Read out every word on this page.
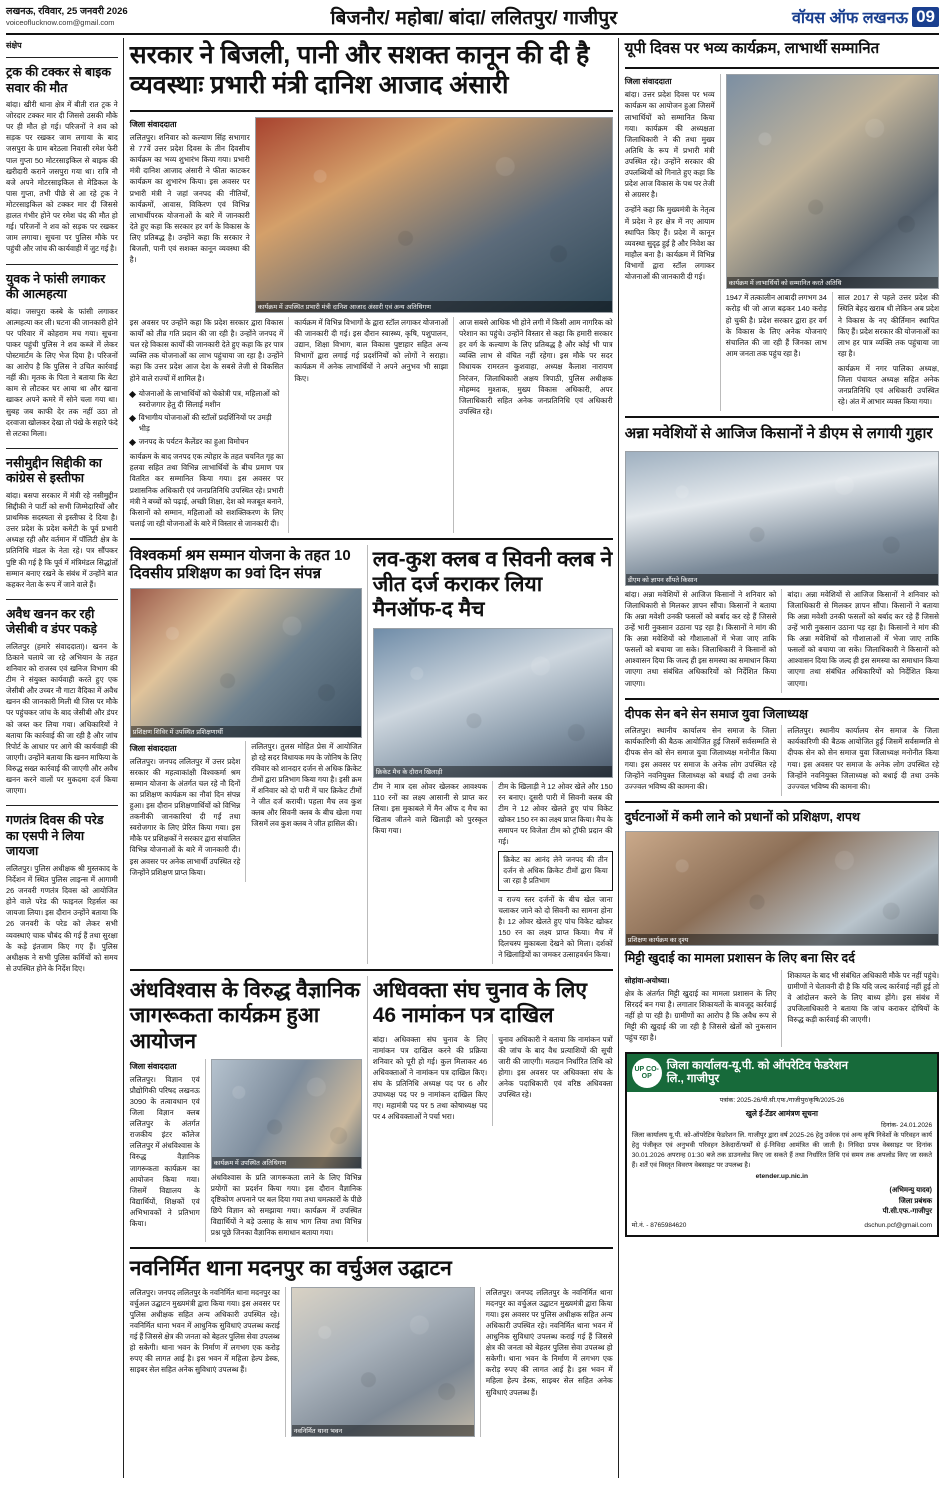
लखनऊ, रविवार, 25 जनवरी 2026
voiceoflucknow.com@gmail.com	बिजनौर/ महोबा/ बांदा/ ललितपुर/ गाजीपुर	वॉयस ऑफ लखनऊ 09
संक्षेप
ट्रक की टक्कर से बाइक सवार की मौत

बांदा। खीरी थाना क्षेत्र में बीती रात ट्रक ने जोरदार टक्कर मार दी जिससे उसकी मौके पर ही मौत हो गई। परिजनों ने शव को सड़क पर रखकर जाम लगाया के बाद जसपुरा के ग्राम बरेठला निवासी रमेश फेरी पाल गुप्ता 50 मोटरसाइकिल से बाइक की खरीदारी कराने जसपुरा गया था। रात्रि नौ बजे अपने मोटरसाइकिल से मेडिकल के पास गुप्ता, तभी पीछे से आ रहे ट्रक ने मोटरसाइकिल को टक्कर मार दी जिससे हालत गंभीर होने पर रमेश चंद की मौत हो गई। परिजनों ने शव को सड़क पर रखकर जाम लगाया। सूचना पर पुलिस मौके पर पहुंची और जांच की कार्यवाही में जुट गई है।

युवक ने फांसी लगाकर की आत्महत्या

बांदा। जसपुरा कस्बे के फांसी लगाकर आत्महत्या कर ली। घटना की जानकारी होने पर परिवार में कोहराम मच गया। सूचना पाकर पहुंची पुलिस ने शव कब्जे में लेकर पोस्टमार्टम के लिए भेज दिया है। परिजनों का आरोप है कि पुलिस ने उचित कार्रवाई नहीं की। मृतक के पिता ने बताया कि बेटा काम से लौटकर घर आया था और खाना खाकर अपने कमरे में सोने चला गया था। सुबह जब काफी देर तक नहीं उठा तो दरवाजा खोलकर देखा तो पंखे के सहारे फंदे से लटका मिला।

नसीमुद्दीन सिद्दीकी का कांग्रेस से इस्तीफा

बांदा। बसपा सरकार में मंत्री रहे नसीमुद्दीन सिद्दीकी ने पार्टी को सभी जिम्मेदारियों और प्राथमिक सदस्यता से इस्तीफा दे दिया है। उत्तर प्रदेश के प्रदेश कमेटी के पूर्व प्रभारी अध्यक्ष रही और वर्तमान में पॉलिटी क्षेत्र के प्रतिनिधि मंडल के नेता रहे। पत्र सौंपकर पुष्टि की गई है कि पूर्व में मंत्रिमंडल सिद्धांतों सम्मान बनाए रखने के संबंध में उन्होंने बात कहकर नेता के रूप में जाने वाले हैं।

अवैध खनन कर रही जेसीबी व डंपर पकड़े

ललितपुर (हमारे संवाददाता)। खनन के ठिकाने चलाये जा रहे अभियान के तहत शनिवार को राजस्व एवं खनिज विभाग की टीम ने संयुक्त कार्यवाही करते हुए एक जेसीबी और उच्चर नौ गाटा वैदिका में अवैध खनन की जानकारी मिली थी जिस पर मौके पर पहुंचकर जांच के बाद जेसीबी और डंपर को जब्त कर लिया गया। अधिकारियों ने बताया कि कार्रवाई की जा रही है और जांच रिपोर्ट के आधार पर आगे की कार्यवाही की जाएगी। उन्होंने बताया कि खनन माफिया के विरुद्ध सख्त कार्रवाई की जाएगी और अवैध खनन करने वालों पर मुकदमा दर्ज किया जाएगा।

गणतंत्र दिवस की परेड का एसपी ने लिया जायजा

ललितपुर। पुलिस अधीक्षक श्री मुस्तकाद के निर्देशन में स्थित पुलिस लाइन्स में आगामी 26 जनवरी गणतंत्र दिवस को आयोजित होने वाले परेड की फाइनल रिहर्सल का जायजा लिया। इस दौरान उन्होंने बताया कि 26 जनवरी के परेड को लेकर सभी व्यवस्थाएं चाक चौबंद की गई हैं तथा सुरक्षा के कड़े इंतजाम किए गए हैं। पुलिस अधीक्षक ने सभी पुलिस कर्मियों को समय से उपस्थित होने के निर्देश दिए।

सरकार ने बिजली, पानी और सशक्त कानून की दी है व्यवस्थाः प्रभारी मंत्री दानिश आजाद अंसारी
जिला संवाददाता

ललितपुर। शनिवार को कल्याण सिंह सभागार से 77वें उत्तर प्रदेश दिवस के तीन दिवसीय कार्यक्रम का भव्य शुभारंभ किया गया। प्रभारी मंत्री दानिश आजाद अंसारी ने फीता काटकर कार्यक्रम का शुभारंभ किया। इस अवसर पर प्रभारी मंत्री ने जहां जनपद की नीतियों, कार्यक्रमों, आवास, विकिरण एवं विभिन्न लाभार्थीपरक योजनाओं के बारे में जानकारी देते हुए कहा कि सरकार हर वर्ग के विकास के लिए प्रतिबद्ध है। उन्होंने कहा कि सरकार ने बिजली, पानी एवं सशक्त कानून व्यवस्था की है।

कार्यक्रम में उपस्थित प्रभारी मंत्री दानिश आजाद अंसारी एवं अन्य अतिथिगण

इस अवसर पर उन्होंने कहा कि प्रदेश सरकार द्वारा विकास कार्यों को तीव्र गति प्रदान की जा रही है। उन्होंने जनपद में चल रहे विकास कार्यों की जानकारी देते हुए कहा कि हर पात्र व्यक्ति तक योजनाओं का लाभ पहुंचाया जा रहा है। उन्होंने कहा कि उत्तर प्रदेश आज देश के सबसे तेजी से विकसित होने वाले राज्यों में शामिल है।

योजनाओं के लाभार्थियों को चेकोत्री पत्र, महिलाओं को स्वरोजगार हेतु दी सिलाई मशीन
विभागीय योजनाओं की स्टॉलों प्रदर्शिनियों पर उमड़ी भीड़
जनपद के पर्यटन कैलेंडर का हुआ विमोचन

कार्यक्रम के बाद जनपद एक त्योहार के तहत चयनित गृह का हलवा सहित तथा विभिन्न लाभार्थियों के बीच प्रमाण पत्र वितरित कर सम्मानित किया गया। इस अवसर पर प्रशासनिक अधिकारी एवं जनप्रतिनिधि उपस्थित रहे। प्रभारी मंत्री ने बच्चों को पढ़ाई, अच्छी शिक्षा, देश को मजबूत बनाने, किसानों को सम्मान, महिलाओं को सशक्तिकरण के लिए चलाई जा रही योजनाओं के बारे में विस्तार से जानकारी दी।

कार्यक्रम में विभिन्न विभागों के द्वारा स्टॉल लगाकर योजनाओं की जानकारी दी गई। इस दौरान स्वास्थ्य, कृषि, पशुपालन, उद्यान, शिक्षा विभाग, बाल विकास पुष्टाहार सहित अन्य विभागों द्वारा लगाई गई प्रदर्शनियों को लोगों ने सराहा। कार्यक्रम में अनेक लाभार्थियों ने अपने अनुभव भी साझा किए।

आज सबसे आधिक भी होने लगी में किसी आम नागरिक को परेशान का पहुंचे। उन्होंने विस्तार से कहा कि हमारी सरकार हर वर्ग के कल्याण के लिए प्रतिबद्ध है और कोई भी पात्र व्यक्ति लाभ से वंचित नहीं रहेगा। इस मौके पर सदर विधायक रामरतन कुशवाहा, अध्यक्ष कैलाश नारायण निरंजन, जिलाधिकारी अक्षय त्रिपाठी, पुलिस अधीक्षक मोहम्मद मुश्ताक, मुख्य विकास अधिकारी, अपर जिलाधिकारी सहित अनेक जनप्रतिनिधि एवं अधिकारी उपस्थित रहे।

विश्वकर्मा श्रम सम्मान योजना के तहत 10 दिवसीय प्रशिक्षण का 9वां दिन संपन्न
प्रशिक्षण शिविर में उपस्थित प्रशिक्षणार्थी
जिला संवाददाता

ललितपुर। जनपद ललितपुर में उत्तर प्रदेश सरकार की महत्वाकांक्षी विश्वकर्मा श्रम सम्मान योजना के अंतर्गत चल रहे नौ दिनों का प्रशिक्षण कार्यक्रम का नौवां दिन संपन्न हुआ। इस दौरान प्रशिक्षणार्थियों को विभिन्न तकनीकी जानकारियां दी गईं तथा स्वरोजगार के लिए प्रेरित किया गया। इस मौके पर प्रशिक्षकों ने सरकार द्वारा संचालित विभिन्न योजनाओं के बारे में जानकारी दी। इस अवसर पर अनेक लाभार्थी उपस्थित रहे जिन्होंने प्रशिक्षण प्राप्त किया।

ललितपुर। तुलस मोहित प्रेस में आयोजित हो रहे सदर विधायक मय के जोनिष के लिए रविवार को शानदार दर्जन से अधिक क्रिकेट टीमों द्वारा प्रतिभाग किया गया है। इसी क्रम में शनिवार को दो पारी में चार क्रिकेट टीमों ने जीत दर्ज करायी। पहला मैच लव कुश क्लब और सिवनी क्लब के बीच खेला गया जिसमें लव कुश क्लब ने जीत हासिल की।

लव-कुश क्लब व सिवनी क्लब ने जीत दर्ज कराकर लिया मैनऑफ-द मैच
क्रिकेट मैच के दौरान खिलाड़ी

टीम ने मात्र दस ओवर खेलकर आवश्यक 110 रनों का लक्ष्य आसानी से प्राप्त कर लिया। इस मुकाबले में मैन ऑफ द मैच का खिताब जीतने वाले खिलाड़ी को पुरस्कृत किया गया।

टीम के खिलाड़ी ने 12 ओवर खेले और 150 रन बनाए। दूसरी पारी में सिवनी क्लब की टीम ने 12 ओवर खेलते हुए पांच विकेट खोकर 150 रन का लक्ष्य प्राप्त किया। मैच के समापन पर विजेता टीम को ट्रॉफी प्रदान की गई।

क्रिकेट का आनंद लेने जनपद की तीन दर्जन से अधिक क्रिकेट टीमों द्वारा किया जा रहा है प्रतिभाग

व राज्य स्तर दर्जनों के बीच खेल जाना चलाकर जाने को दो सिवनी का सामना होना है। 12 ओवर खेलते हुए पांच विकेट खोकर 150 रन का लक्ष्य प्राप्त किया। मैच में दिलचस्प मुकाबला देखने को मिला। दर्शकों ने खिलाड़ियों का जमकर उत्साहवर्धन किया।

अंधविश्वास के विरुद्ध वैज्ञानिक जागरूकता कार्यक्रम हुआ आयोजन
जिला संवाददाता

ललितपुर। विज्ञान एवं प्रौद्योगिकी परिषद लखनऊ 3090 के तत्वावधान एवं जिला विज्ञान क्लब ललितपुर के अंतर्गत राजकीय इंटर कॉलेज ललितपुर में अंधविश्वास के विरुद्ध वैज्ञानिक जागरूकता कार्यक्रम का आयोजन किया गया। जिसमें विद्यालय के विद्यार्थियों, शिक्षकों एवं अभिभावकों ने प्रतिभाग किया।

कार्यक्रम में उपस्थित अतिथिगण

अंधविश्वास के प्रति जागरूकता लाने के लिए विभिन्न प्रयोगों का प्रदर्शन किया गया। इस दौरान वैज्ञानिक दृष्टिकोण अपनाने पर बल दिया गया तथा चमत्कारों के पीछे छिपे विज्ञान को समझाया गया। कार्यक्रम में उपस्थित विद्यार्थियों ने बड़े उत्साह के साथ भाग लिया तथा विभिन्न प्रश्न पूछे जिनका वैज्ञानिक समाधान बताया गया।

अधिवक्ता संघ चुनाव के लिए 46 नामांकन पत्र दाखिल

बांदा। अधिवक्ता संघ चुनाव के लिए नामांकन पत्र दाखिल करने की प्रक्रिया शनिवार को पूरी हो गई। कुल मिलाकर 46 अधिवक्ताओं ने नामांकन पत्र दाखिल किए। संघ के प्रतिनिधि अध्यक्ष पद पर 6 और उपाध्यक्ष पद पर 9 नामांकन दाखिल किए गए। महामंत्री पद पर 5 तथा कोषाध्यक्ष पद पर 4 अधिवक्ताओं ने पर्चा भरा।

चुनाव अधिकारी ने बताया कि नामांकन पत्रों की जांच के बाद वैध प्रत्याशियों की सूची जारी की जाएगी। मतदान निर्धारित तिथि को होगा। इस अवसर पर अधिवक्ता संघ के अनेक पदाधिकारी एवं वरिष्ठ अधिवक्ता उपस्थित रहे।

नवनिर्मित थाना मदनपुर का वर्चुअल उद्घाटन

ललितपुर। जनपद ललितपुर के नवनिर्मित थाना मदनपुर का वर्चुअल उद्घाटन मुख्यमंत्री द्वारा किया गया। इस अवसर पर पुलिस अधीक्षक सहित अन्य अधिकारी उपस्थित रहे। नवनिर्मित थाना भवन में आधुनिक सुविधाएं उपलब्ध कराई गई हैं जिससे क्षेत्र की जनता को बेहतर पुलिस सेवा उपलब्ध हो सकेगी। थाना भवन के निर्माण में लगभग एक करोड़ रुपए की लागत आई है। इस भवन में महिला हेल्प डेस्क, साइबर सेल सहित अनेक सुविधाएं उपलब्ध हैं।

नवनिर्मित थाना भवन

ललितपुर। जनपद ललितपुर के नवनिर्मित थाना मदनपुर का वर्चुअल उद्घाटन मुख्यमंत्री द्वारा किया गया। इस अवसर पर पुलिस अधीक्षक सहित अन्य अधिकारी उपस्थित रहे। नवनिर्मित थाना भवन में आधुनिक सुविधाएं उपलब्ध कराई गई हैं जिससे क्षेत्र की जनता को बेहतर पुलिस सेवा उपलब्ध हो सकेगी। थाना भवन के निर्माण में लगभग एक करोड़ रुपए की लागत आई है। इस भवन में महिला हेल्प डेस्क, साइबर सेल सहित अनेक सुविधाएं उपलब्ध हैं।

यूपी दिवस पर भव्य कार्यक्रम, लाभार्थी सम्मानित
जिला संवाददाता

बांदा। उत्तर प्रदेश दिवस पर भव्य कार्यक्रम का आयोजन हुआ जिसमें लाभार्थियों को सम्मानित किया गया। कार्यक्रम की अध्यक्षता जिलाधिकारी ने की तथा मुख्य अतिथि के रूप में प्रभारी मंत्री उपस्थित रहे। उन्होंने सरकार की उपलब्धियों को गिनाते हुए कहा कि प्रदेश आज विकास के पथ पर तेजी से अग्रसर है।

उन्होंने कहा कि मुख्यमंत्री के नेतृत्व में प्रदेश ने हर क्षेत्र में नए आयाम स्थापित किए हैं। प्रदेश में कानून व्यवस्था सुदृढ़ हुई है और निवेश का माहौल बना है। कार्यक्रम में विभिन्न विभागों द्वारा स्टॉल लगाकर योजनाओं की जानकारी दी गई।

कार्यक्रम में लाभार्थियों को सम्मानित करते अतिथि

1947 में तत्कालीन आबादी लगभग 34 करोड़ थी जो आज बढ़कर 140 करोड़ हो चुकी है। प्रदेश सरकार द्वारा हर वर्ग के विकास के लिए अनेक योजनाएं संचालित की जा रही हैं जिनका लाभ आम जनता तक पहुंच रहा है।

साल 2017 से पहले उत्तर प्रदेश की स्थिति बेहद खराब थी लेकिन अब प्रदेश ने विकास के नए कीर्तिमान स्थापित किए हैं। प्रदेश सरकार की योजनाओं का लाभ हर पात्र व्यक्ति तक पहुंचाया जा रहा है।

कार्यक्रम में नगर पालिका अध्यक्ष, जिला पंचायत अध्यक्ष सहित अनेक जनप्रतिनिधि एवं अधिकारी उपस्थित रहे। अंत में आभार व्यक्त किया गया।

अन्ना मवेशियों से आजिज किसानों ने डीएम से लगायी गुहार
डीएम को ज्ञापन सौंपते किसान

बांदा। अन्ना मवेशियों से आजिज किसानों ने शनिवार को जिलाधिकारी से मिलकर ज्ञापन सौंपा। किसानों ने बताया कि अन्ना मवेशी उनकी फसलों को बर्बाद कर रहे हैं जिससे उन्हें भारी नुकसान उठाना पड़ रहा है। किसानों ने मांग की कि अन्ना मवेशियों को गौशालाओं में भेजा जाए ताकि फसलों को बचाया जा सके। जिलाधिकारी ने किसानों को आश्वासन दिया कि जल्द ही इस समस्या का समाधान किया जाएगा तथा संबंधित अधिकारियों को निर्देशित किया जाएगा।

बांदा। अन्ना मवेशियों से आजिज किसानों ने शनिवार को जिलाधिकारी से मिलकर ज्ञापन सौंपा। किसानों ने बताया कि अन्ना मवेशी उनकी फसलों को बर्बाद कर रहे हैं जिससे उन्हें भारी नुकसान उठाना पड़ रहा है। किसानों ने मांग की कि अन्ना मवेशियों को गौशालाओं में भेजा जाए ताकि फसलों को बचाया जा सके। जिलाधिकारी ने किसानों को आश्वासन दिया कि जल्द ही इस समस्या का समाधान किया जाएगा तथा संबंधित अधिकारियों को निर्देशित किया जाएगा।

दीपक सेन बने सेन समाज युवा जिलाध्यक्ष

ललितपुर। स्थानीय कार्यालय सेन समाज के जिला कार्यकारिणी की बैठक आयोजित हुई जिसमें सर्वसम्मति से दीपक सेन को सेन समाज युवा जिलाध्यक्ष मनोनीत किया गया। इस अवसर पर समाज के अनेक लोग उपस्थित रहे जिन्होंने नवनियुक्त जिलाध्यक्ष को बधाई दी तथा उनके उज्ज्वल भविष्य की कामना की।

ललितपुर। स्थानीय कार्यालय सेन समाज के जिला कार्यकारिणी की बैठक आयोजित हुई जिसमें सर्वसम्मति से दीपक सेन को सेन समाज युवा जिलाध्यक्ष मनोनीत किया गया। इस अवसर पर समाज के अनेक लोग उपस्थित रहे जिन्होंने नवनियुक्त जिलाध्यक्ष को बधाई दी तथा उनके उज्ज्वल भविष्य की कामना की।

दुर्घटनाओं में कमी लाने को प्रधानों को प्रशिक्षण, शपथ
प्रशिक्षण कार्यक्रम का दृश्य
मिट्टी खुदाई का मामला प्रशासन के लिए बना सिर दर्द

सोहांवा-अयोध्या।

क्षेत्र के अंतर्गत मिट्टी खुदाई का मामला प्रशासन के लिए सिरदर्द बन गया है। लगातार शिकायतों के बावजूद कार्रवाई नहीं हो पा रही है। ग्रामीणों का आरोप है कि अवैध रूप से मिट्टी की खुदाई की जा रही है जिससे खेतों को नुकसान पहुंच रहा है।

शिकायत के बाद भी संबंधित अधिकारी मौके पर नहीं पहुंचे। ग्रामीणों ने चेतावनी दी है कि यदि जल्द कार्रवाई नहीं हुई तो वे आंदोलन करने के लिए बाध्य होंगे। इस संबंध में उपजिलाधिकारी ने बताया कि जांच कराकर दोषियों के विरुद्ध कड़ी कार्रवाई की जाएगी।

UP CO-OP
जिला कार्यालय-यू.पी. को ऑपरेटिव फेडरेशन
लि., गाजीपुर
पत्रांक: 2025-26/पी.सी.एफ./गाजीपुर/कृषि/2025-26
खुले ई-टेंडर आमंत्रण सूचना
दिनांक- 24.01.2026
जिला कार्यालय यू.पी. को-ऑपरेटिव फेडरेशन लि. गाजीपुर द्वारा वर्ष 2025-26 हेतु उर्वरक एवं अन्य कृषि निवेशों के परिवहन कार्य हेतु पंजीकृत एवं अनुभवी परिवहन ठेकेदारों/फर्मों से ई-निविदा आमंत्रित की जाती है। निविदा प्रपत्र वेबसाइट पर दिनांक 30.01.2026 अपरान्ह 01:30 बजे तक डाउनलोड किए जा सकते हैं तथा निर्धारित तिथि एवं समय तक अपलोड किए जा सकते हैं। शर्तें एवं विस्तृत विवरण वेबसाइट पर उपलब्ध है।
etender.up.nic.in
(अभिमन्यु यादव)
जिला प्रबंधक
पी.सी.एफ.-गाजीपुर
मो.नं. - 8765984620	dschun.pcf@gmail.com
